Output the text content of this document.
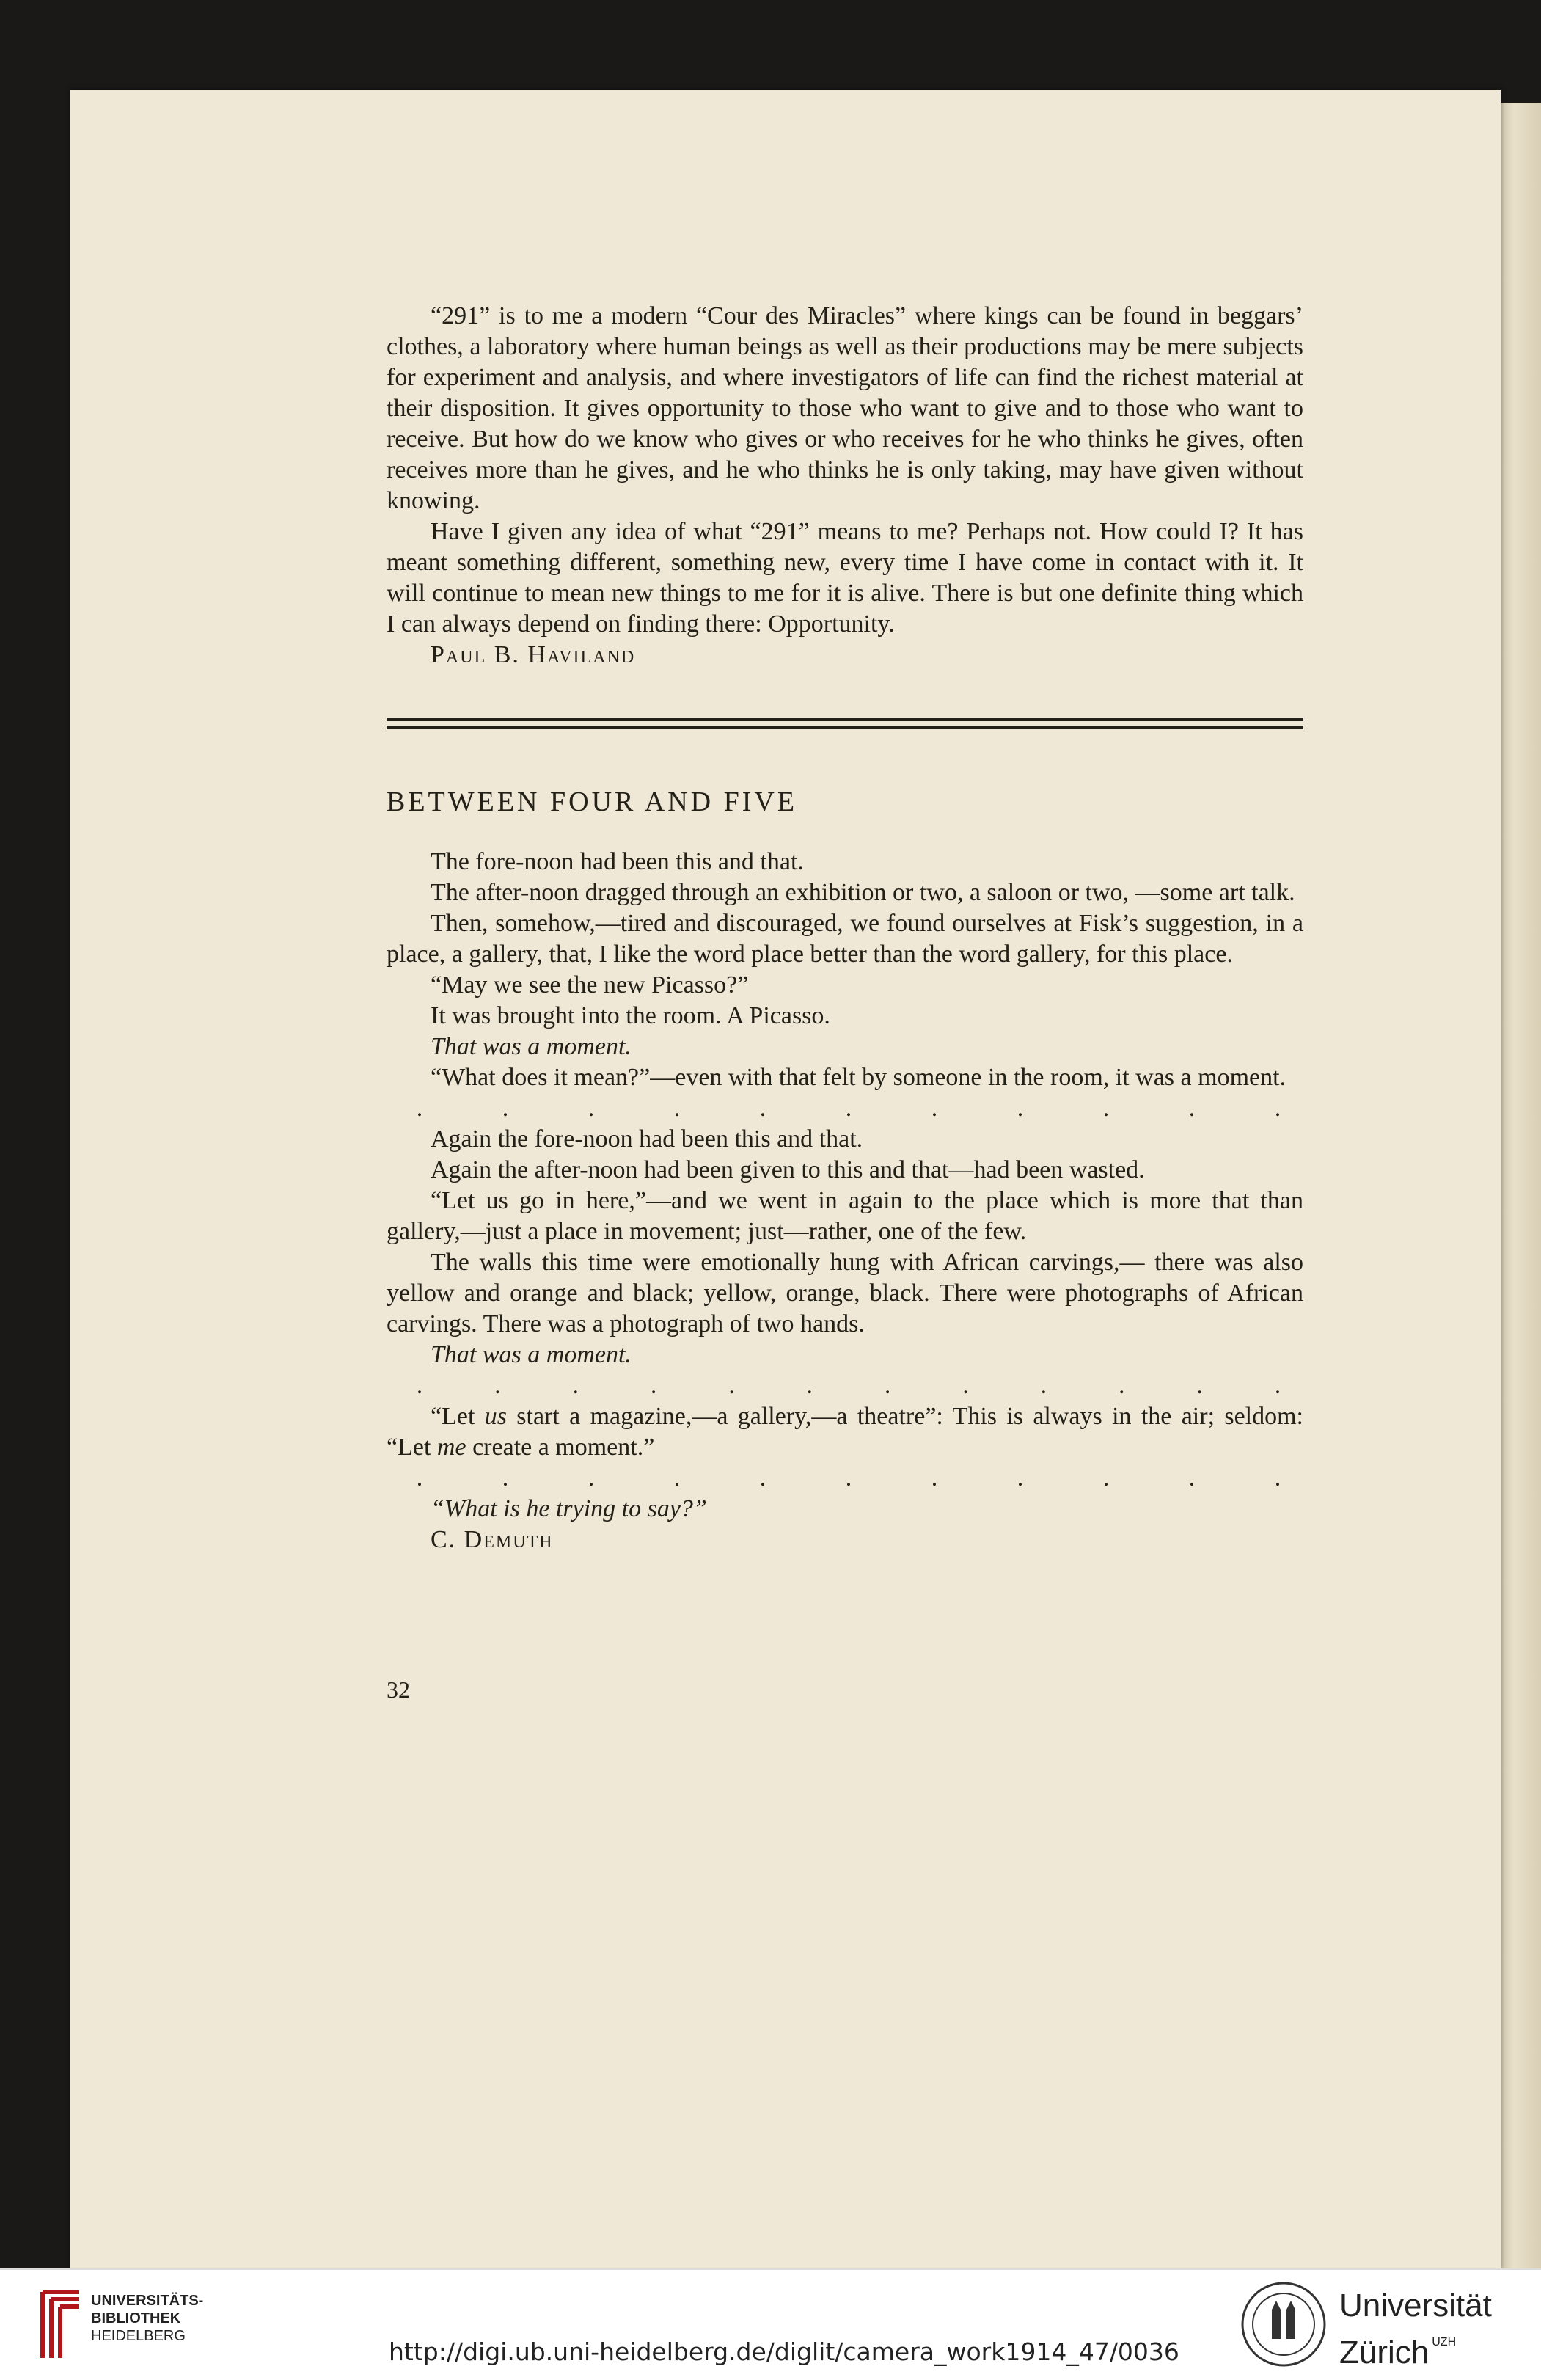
“291” is to me a modern “Cour des Miracles” where kings can be found in beggars’ clothes, a laboratory where human beings as well as their productions may be mere subjects for experiment and analysis, and where investigators of life can find the richest material at their disposition. It gives opportunity to those who want to give and to those who want to receive. But how do we know who gives or who receives for he who thinks he gives, often receives more than he gives, and he who thinks he is only taking, may have given without knowing.

Have I given any idea of what “291” means to me? Perhaps not. How could I? It has meant something different, something new, every time I have come in contact with it. It will continue to mean new things to me for it is alive. There is but one definite thing which I can always depend on finding there: Opportunity.

Paul B. Haviland

BETWEEN FOUR AND FIVE

The fore-noon had been this and that.

The after-noon dragged through an exhibition or two, a saloon or two, —some art talk.

Then, somehow,—tired and discouraged, we found ourselves at Fisk’s suggestion, in a place, a gallery, that, I like the word place better than the word gallery, for this place.

“May we see the new Picasso?”

It was brought into the room. A Picasso.

That was a moment.

“What does it mean?”—even with that felt by someone in the room, it was a moment.

.	.	.	.	.	.	.	.	.	.	.

Again the fore-noon had been this and that.

Again the after-noon had been given to this and that—had been wasted.

“Let us go in here,”—and we went in again to the place which is more that than gallery,—just a place in movement; just—rather, one of the few.

The walls this time were emotionally hung with African carvings,— there was also yellow and orange and black; yellow, orange, black. There were photographs of African carvings. There was a photograph of two hands.

That was a moment.

.	.	.	.	.	.	.	.	.	.	.	.

“Let us start a magazine,—a gallery,—a theatre”: This is always in the air; seldom: “Let me create a moment.”

.	.	.	.	.	.	.	.	.	.	.

“What is he trying to say?”

C. Demuth

32
UNIVERSITÄTS-
BIBLIOTHEK
HEIDELBERG
http://digi.ub.uni-heidelberg.de/diglit/camera_work1914_47/0036
Universität
Zürich $^{UZH}$
